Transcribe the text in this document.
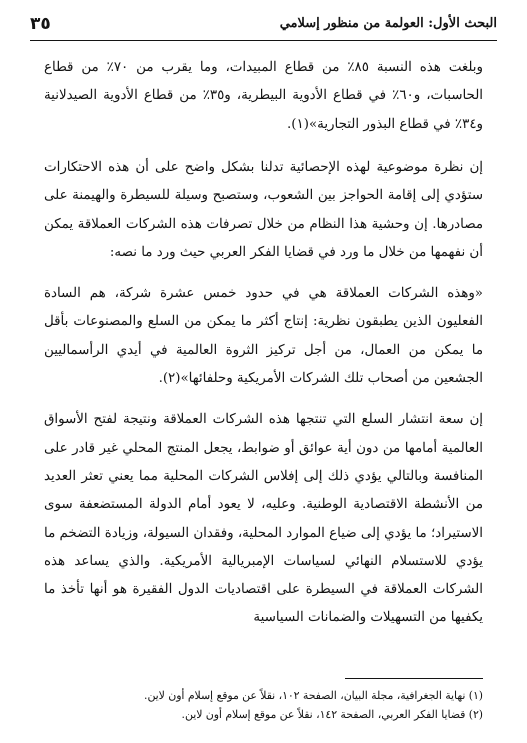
البحث الأول: العولمة من منظور إسلامي
٣٥

وبلغت هذه النسبة ٨٥٪ من قطاع المبيدات، وما يقرب من ٧٠٪ من قطاع الحاسبات، و٦٠٪ في قطاع الأدوية البيطرية، و٣٥٪ من قطاع الأدوية الصيدلانية و٣٤٪ في قطاع البذور التجارية»(١).

إن نظرة موضوعية لهذه الإحصائية تدلنا بشكل واضح على أن هذه الاحتكارات ستؤدي إلى إقامة الحواجز بين الشعوب، وستصبح وسيلة للسيطرة والهيمنة على مصادرها. إن وحشية هذا النظام من خلال تصرفات هذه الشركات العملاقة يمكن أن نفهمها من خلال ما ورد في قضايا الفكر العربي حيث ورد ما نصه:

«وهذه الشركات العملاقة هي في حدود خمس عشرة شركة، هم السادة الفعليون الذين يطبقون نظرية: إنتاج أكثر ما يمكن من السلع والمصنوعات بأقل ما يمكن من العمال، من أجل تركيز الثروة العالمية في أيدي الرأسماليين الجشعين من أصحاب تلك الشركات الأمريكية وحلفائها»(٢).

إن سعة انتشار السلع التي تنتجها هذه الشركات العملاقة ونتيجة لفتح الأسواق العالمية أمامها من دون أية عوائق أو ضوابط، يجعل المنتج المحلي غير قادر على المنافسة وبالتالي يؤدي ذلك إلى إفلاس الشركات المحلية مما يعني تعثر العديد من الأنشطة الاقتصادية الوطنية. وعليه، لا يعود أمام الدولة المستضعفة سوى الاستيراد؛ ما يؤدي إلى ضياع الموارد المحلية، وفقدان السيولة، وزيادة التضخم ما يؤدي للاستسلام النهائي لسياسات الإمبريالية الأمريكية. والذي يساعد هذه الشركات العملاقة في السيطرة على اقتصاديات الدول الفقيرة هو أنها تأخذ ما يكفيها من التسهيلات والضمانات السياسية

(١) نهاية الجغرافية، مجلة البيان، الصفحة ١٠٢، نقلاً عن موقع إسلام أون لاين.

(٢) قضايا الفكر العربي، الصفحة ١٤٢، نقلاً عن موقع إسلام أون لاين.
